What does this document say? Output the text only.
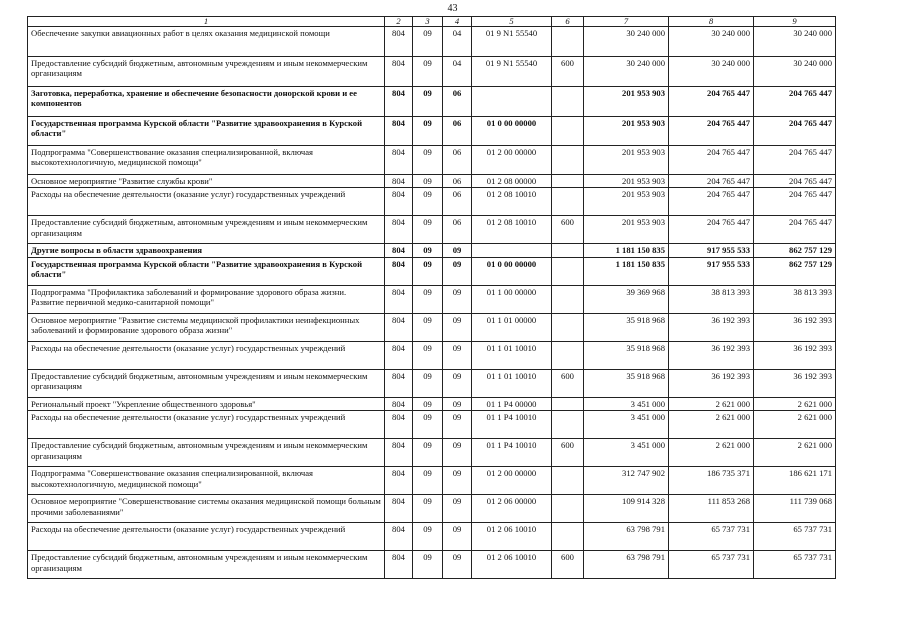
43
1	2	3	4	5	6	7	8	9
Обеспечение закупки авиационных работ в целях оказания медицинской помощи	804	09	04	01 9 N1 55540		30 240 000	30 240 000	30 240 000
Предоставление субсидий бюджетным, автономным учреждениям и иным некоммерческим организациям	804	09	04	01 9 N1 55540	600	30 240 000	30 240 000	30 240 000
Заготовка, переработка, хранение и обеспечение безопасности донорской крови и ее компонентов	804	09	06			201 953 903	204 765 447	204 765 447
Государственная программа Курской области "Развитие здравоохранения в Курской области"	804	09	06	01 0 00 00000		201 953 903	204 765 447	204 765 447
Подпрограмма "Совершенствование оказания специализированной, включая высокотехнологичную, медицинской помощи"	804	09	06	01 2 00 00000		201 953 903	204 765 447	204 765 447
Основное мероприятие "Развитие службы крови"	804	09	06	01 2 08 00000		201 953 903	204 765 447	204 765 447
Расходы на обеспечение деятельности (оказание услуг) государственных учреждений	804	09	06	01 2 08 10010		201 953 903	204 765 447	204 765 447
Предоставление субсидий бюджетным, автономным учреждениям и иным некоммерческим организациям	804	09	06	01 2 08 10010	600	201 953 903	204 765 447	204 765 447
Другие вопросы в области здравоохранения	804	09	09			1 181 150 835	917 955 533	862 757 129
Государственная программа Курской области "Развитие здравоохранения в Курской области"	804	09	09	01 0 00 00000		1 181 150 835	917 955 533	862 757 129
Подпрограмма "Профилактика заболеваний и формирование здорового образа жизни. Развитие первичной медико-санитарной помощи"	804	09	09	01 1 00 00000		39 369 968	38 813 393	38 813 393
Основное мероприятие "Развитие системы медицинской профилактики неинфекционных заболеваний и формирование здорового образа жизни"	804	09	09	01 1 01 00000		35 918 968	36 192 393	36 192 393
Расходы на обеспечение деятельности (оказание услуг) государственных учреждений	804	09	09	01 1 01 10010		35 918 968	36 192 393	36 192 393
Предоставление субсидий бюджетным, автономным учреждениям и иным некоммерческим организациям	804	09	09	01 1 01 10010	600	35 918 968	36 192 393	36 192 393
Региональный проект "Укрепление общественного здоровья"	804	09	09	01 1 P4 00000		3 451 000	2 621 000	2 621 000
Расходы на обеспечение деятельности (оказание услуг) государственных учреждений	804	09	09	01 1 P4 10010		3 451 000	2 621 000	2 621 000
Предоставление субсидий бюджетным, автономным учреждениям и иным некоммерческим организациям	804	09	09	01 1 P4 10010	600	3 451 000	2 621 000	2 621 000
Подпрограмма "Совершенствование оказания специализированной, включая высокотехнологичную, медицинской помощи"	804	09	09	01 2 00 00000		312 747 902	186 735 371	186 621 171
Основное мероприятие "Совершенствование системы оказания медицинской помощи больным прочими заболеваниями"	804	09	09	01 2 06 00000		109 914 328	111 853 268	111 739 068
Расходы на обеспечение деятельности (оказание услуг) государственных учреждений	804	09	09	01 2 06 10010		63 798 791	65 737 731	65 737 731
Предоставление субсидий бюджетным, автономным учреждениям и иным некоммерческим организациям	804	09	09	01 2 06 10010	600	63 798 791	65 737 731	65 737 731
